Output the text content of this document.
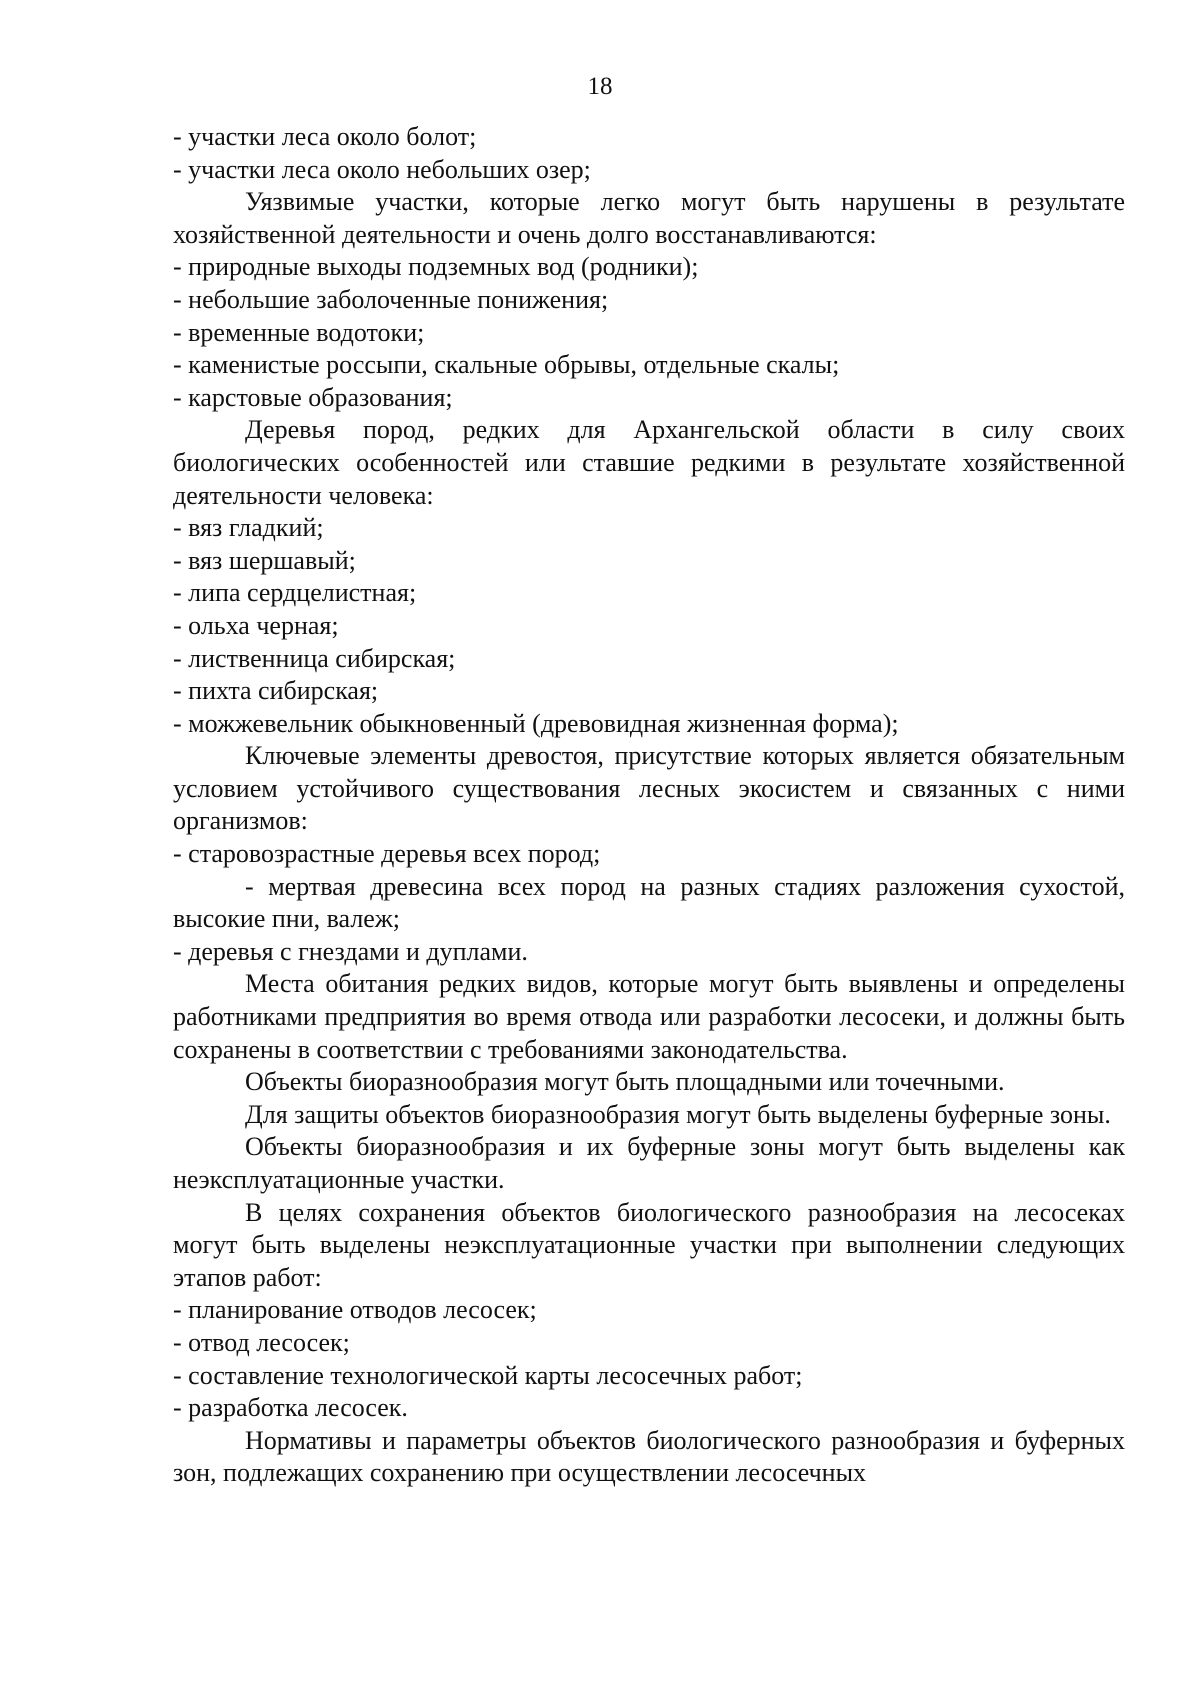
18

- участки леса около болот;

- участки леса около небольших озер;

Уязвимые участки, которые легко могут быть нарушены в результате хозяйственной деятельности и очень долго восстанавливаются:

- природные выходы подземных вод (родники);

- небольшие заболоченные понижения;

- временные водотоки;

- каменистые россыпи, скальные обрывы, отдельные скалы;

- карстовые образования;

Деревья пород, редких для Архангельской области в силу своих биологических особенностей или ставшие редкими в результате хозяйственной деятельности человека:

- вяз гладкий;

- вяз шершавый;

- липа сердцелистная;

- ольха черная;

- лиственница сибирская;

- пихта сибирская;

- можжевельник обыкновенный (древовидная жизненная форма);

Ключевые элементы древостоя, присутствие которых является обязательным условием устойчивого существования лесных экосистем и связанных с ними организмов:

- старовозрастные деревья всех пород;

- мертвая древесина всех пород на разных стадиях разложения сухостой, высокие пни, валеж;

- деревья с гнездами и дуплами.

Места обитания редких видов, которые могут быть выявлены и определены работниками предприятия во время отвода или разработки лесосеки, и должны быть сохранены в соответствии с требованиями законодательства.

Объекты биоразнообразия могут быть площадными или точечными.

Для защиты объектов биоразнообразия могут быть выделены буферные зоны.

Объекты биоразнообразия и их буферные зоны могут быть выделены как неэксплуатационные участки.

В целях сохранения объектов биологического разнообразия на лесосеках могут быть выделены неэксплуатационные участки при выполнении следующих этапов работ:

- планирование отводов лесосек;

- отвод лесосек;

- составление технологической карты лесосечных работ;

- разработка лесосек.

Нормативы и параметры объектов биологического разнообразия и буферных зон, подлежащих сохранению при осуществлении лесосечных
